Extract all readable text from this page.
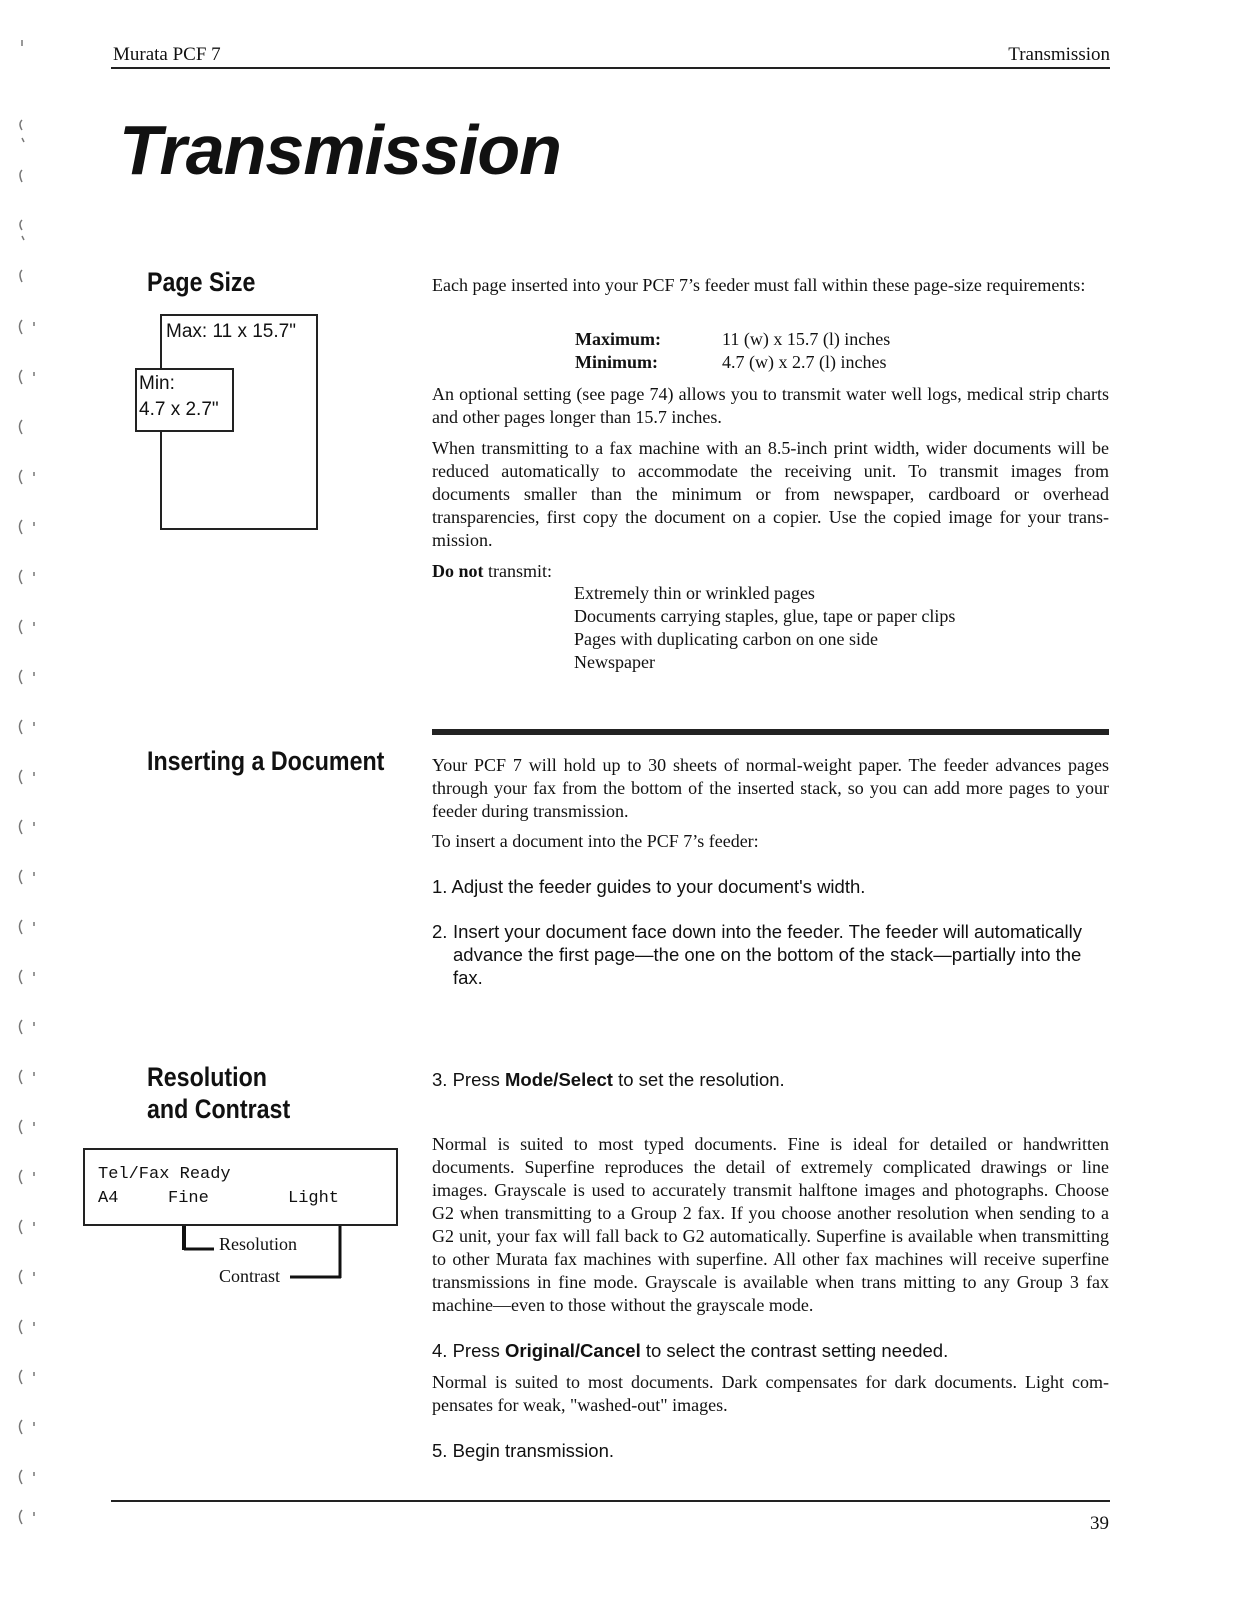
Murata PCF 7	Transmission
Transmission
Page Size
Max: 11 x 15.7"
Min:
4.7 x 2.7"
Each page inserted into your PCF 7’s feeder must fall within these page-size requirements:
Maximum:	11 (w) x 15.7 (l) inches
Minimum:	4.7 (w) x 2.7 (l) inches
An optional setting (see page 74) allows you to transmit water well logs, medical strip charts and other pages longer than 15.7 inches.
When transmitting to a fax machine with an 8.5-inch print width, wider documents will be reduced automatically to accommodate the receiving unit. To transmit images from documents smaller than the minimum or from newspaper, cardboard or overhead transparencies, first copy the document on a copier. Use the copied image for your transmission.
Do not transmit:
Extremely thin or wrinkled pages
Documents carrying staples, glue, tape or paper clips
Pages with duplicating carbon on one side
Newspaper
Inserting a Document	Your PCF 7 will hold up to 30 sheets of normal-weight paper. The feeder advances pages through your fax from the bottom of the inserted stack, so you can add more pages to your feeder during transmission.
To insert a document into the PCF 7’s feeder:
1. Adjust the feeder guides to your document's width.
2. Insert your document face down into the feeder. The feeder will automatically advance the first page—the one on the bottom of the stack—partially into the fax.
Resolution
and Contrast
Tel/Fax Ready
A4	Fine	Light
Resolution
Contrast
3. Press Mode/Select to set the resolution.
Normal is suited to most typed documents. Fine is ideal for detailed or handwritten documents. Superfine reproduces the detail of extremely complicated drawings or line images. Grayscale is used to accurately transmit halftone images and photographs. Choose G2 when transmitting to a Group 2 fax. If you choose another resolution when sending to a G2 unit, your fax will fall back to G2 automatically. Superfine is available when transmitting to other Murata fax machines with superfine. All other fax machines will receive superfine transmissions in fine mode. Grayscale is available when trans mitting to any Group 3 fax machine—even to those without the grayscale mode.
4. Press Original/Cancel to select the contrast setting needed.
Normal is suited to most documents. Dark compensates for dark documents. Light compensates for weak, "washed-out" images.
5. Begin transmission.
39
